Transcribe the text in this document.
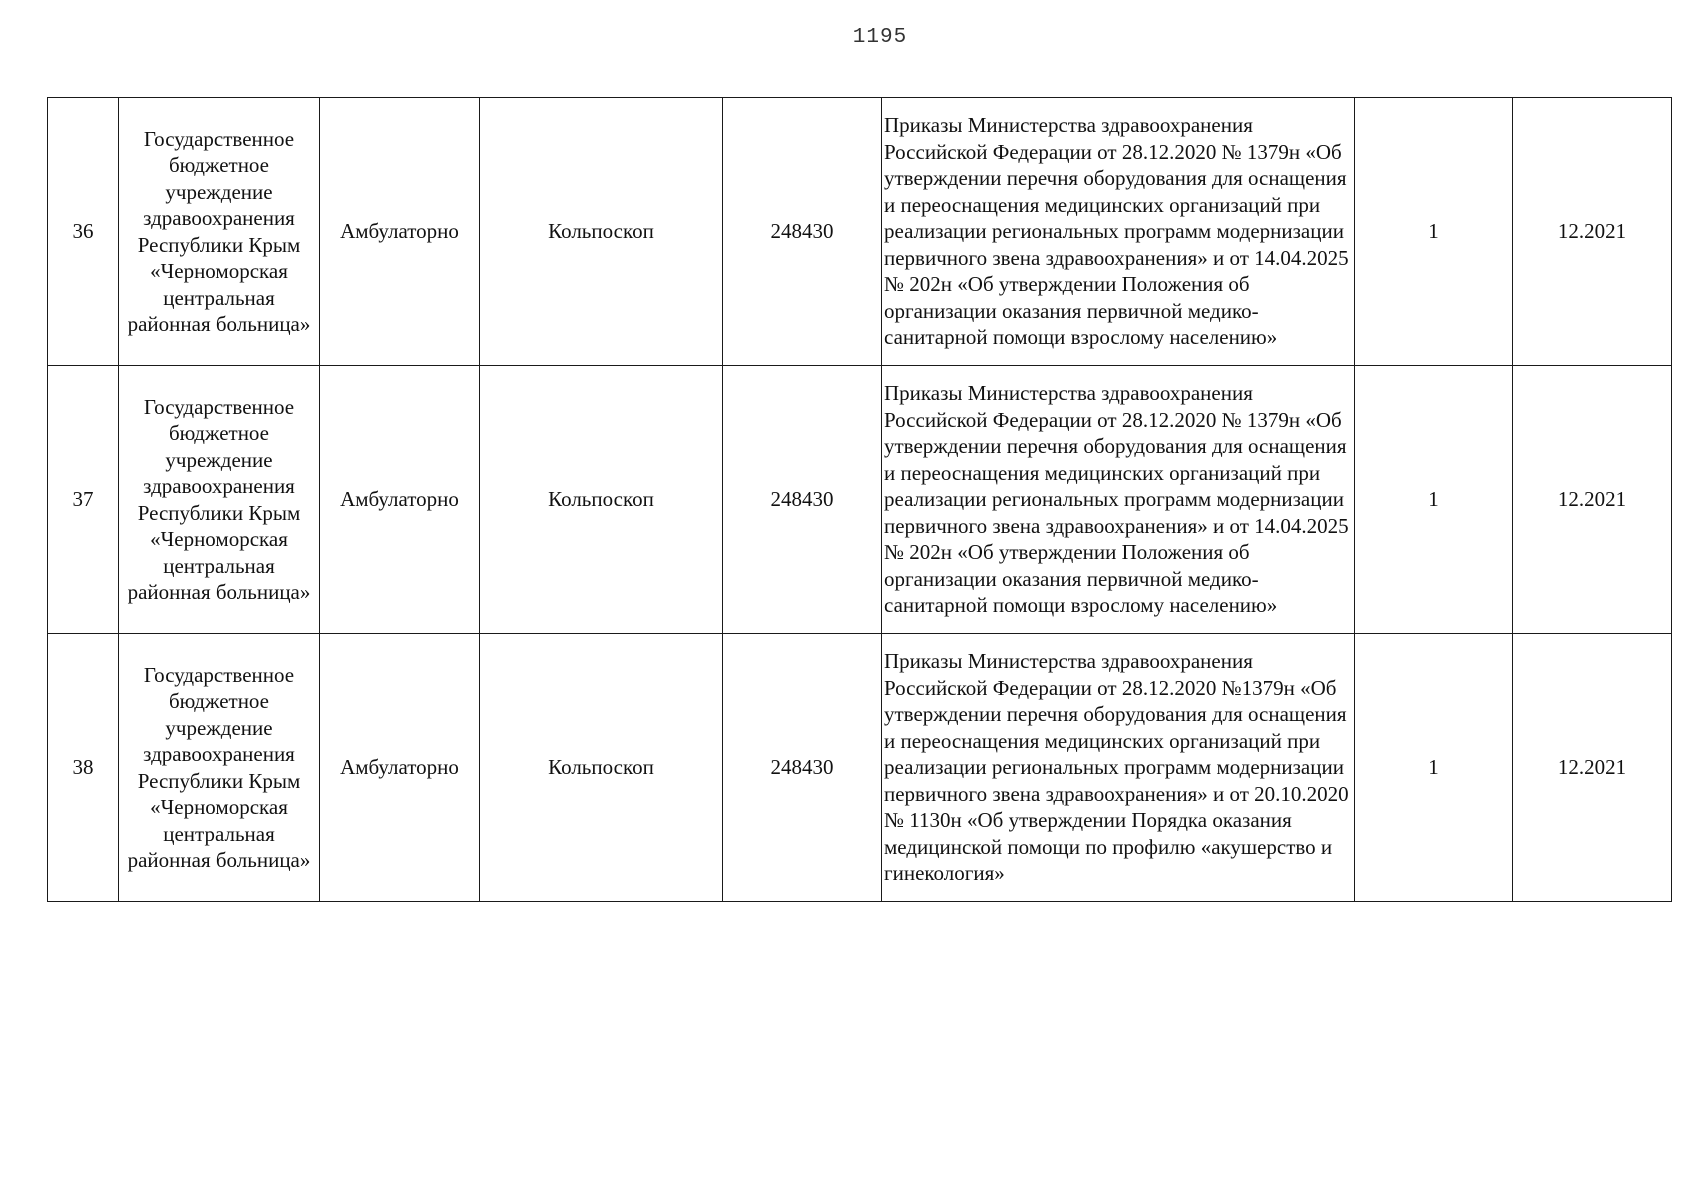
1195
36	Государственное бюджетное учреждение здравоохранения Республики Крым «Черноморская центральная районная больница»	Амбулаторно	Кольпоскоп	248430	Приказы Министерства здравоохранения Российской Федерации от 28.12.2020 № 1379н «Об утверждении перечня оборудования для оснащения и переоснащения медицинских организаций при реализации региональных программ модернизации первичного звена здравоохранения» и от 14.04.2025 № 202н «Об утверждении Положения об организации оказания первичной медико-санитарной помощи взрослому населению»	1	12.2021
37	Государственное бюджетное учреждение здравоохранения Республики Крым «Черноморская центральная районная больница»	Амбулаторно	Кольпоскоп	248430	Приказы Министерства здравоохранения Российской Федерации от 28.12.2020 № 1379н «Об утверждении перечня оборудования для оснащения и переоснащения медицинских организаций при реализации региональных программ модернизации первичного звена здравоохранения» и от 14.04.2025 № 202н «Об утверждении Положения об организации оказания первичной медико-санитарной помощи взрослому населению»	1	12.2021
38	Государственное бюджетное учреждение здравоохранения Республики Крым «Черноморская центральная районная больница»	Амбулаторно	Кольпоскоп	248430	Приказы Министерства здравоохранения Российской Федерации от 28.12.2020 №1379н «Об утверждении перечня оборудования для оснащения и переоснащения медицинских организаций при реализации региональных программ модернизации первичного звена здравоохранения» и от 20.10.2020 № 1130н «Об утверждении Порядка оказания медицинской помощи по профилю «акушерство и гинекология»	1	12.2021
